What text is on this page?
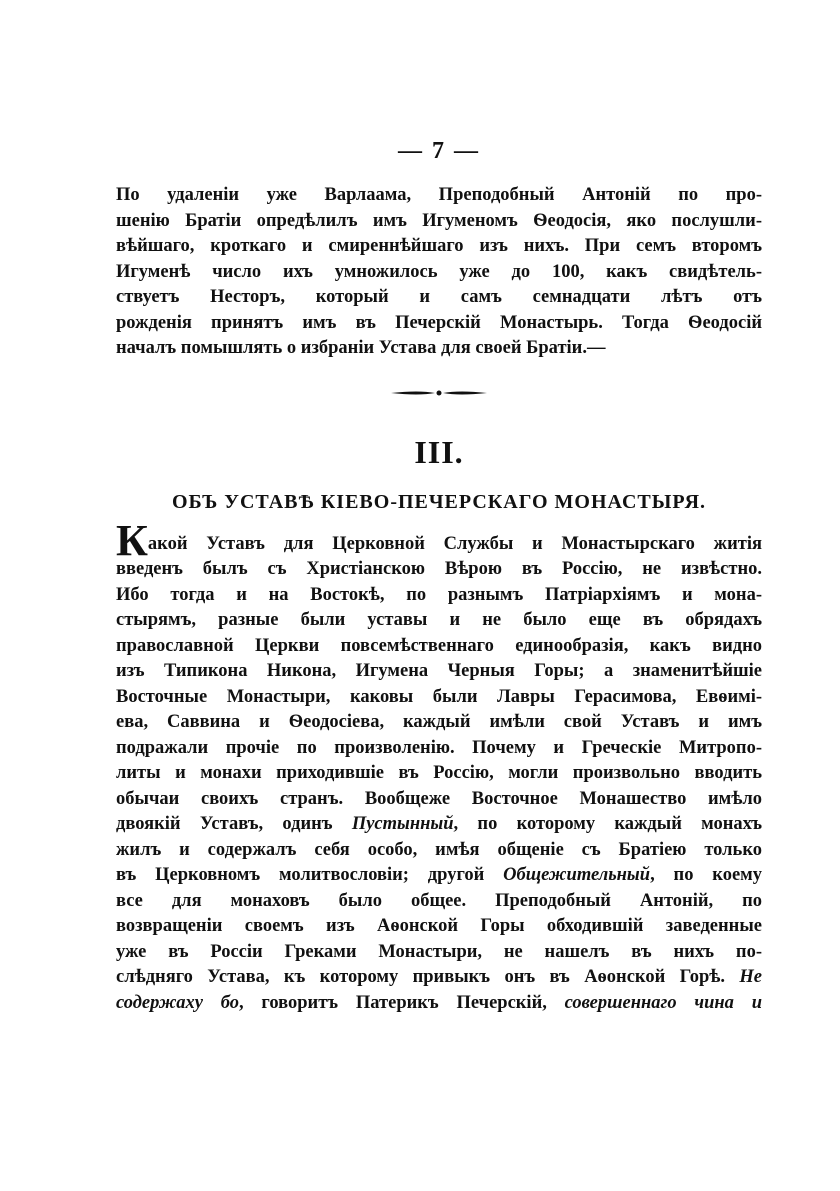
— 7 —

По удаленіи уже Варлаама, Преподобный Антоній по про-
шенію Братіи опредѣлилъ имъ Игуменомъ Ѳеодосія, яко послушли-
вѣйшаго, кроткаго и смиреннѣйшаго изъ нихъ. При семъ второмъ
Игуменѣ число ихъ умножилось уже до 100, какъ свидѣтель-
ствуетъ Несторъ, который и самъ семнадцати лѣтъ отъ
рожденія принятъ имъ въ Печерскій Монастырь. Тогда Ѳеодосій
началъ помышлять о избраніи Устава для своей Братіи.—

III.
ОБЪ УСТАВѢ КІЕВО-ПЕЧЕРСКАГО МОНАСТЫРЯ.

Какой Уставъ для Церковной Службы и Монастырскаго житія
введенъ былъ съ Христіанскою Вѣрою въ Россію, не извѣстно.
Ибо тогда и на Востокѣ, по разнымъ Патріархіямъ и мона-
стырямъ, разные были уставы и не было еще въ обрядахъ
православной Церкви повсемѣственнаго единообразія, какъ видно
изъ Типикона Никона, Игумена Черныя Горы; а знаменитѣйшіе
Восточные Монастыри, каковы были Лавры Герасимова, Евѳимі-
ева, Саввина и Ѳеодосіева, каждый имѣли свой Уставъ и имъ
подражали прочіе по произволенію. Почему и Греческіе Митропо-
литы и монахи приходившіе въ Россію, могли произвольно вводить
обычаи своихъ странъ. Вообщеже Восточное Монашество имѣло
двоякій Уставъ, одинъ Пустынный, по которому каждый монахъ
жилъ и содержалъ себя особо, имѣя общеніе съ Братіею только
въ Церковномъ молитвословіи; другой Общежительный, по коему
все для монаховъ было общее. Преподобный Антоній, по
возвращеніи своемъ изъ Аѳонской Горы обходившій заведенные
уже въ Россіи Греками Монастыри, не нашелъ въ нихъ по-
слѣдняго Устава, къ которому привыкъ онъ въ Аѳонской Горѣ. Не
содержаху бо, говоритъ Патерикъ Печерскій, совершеннаго чина и
